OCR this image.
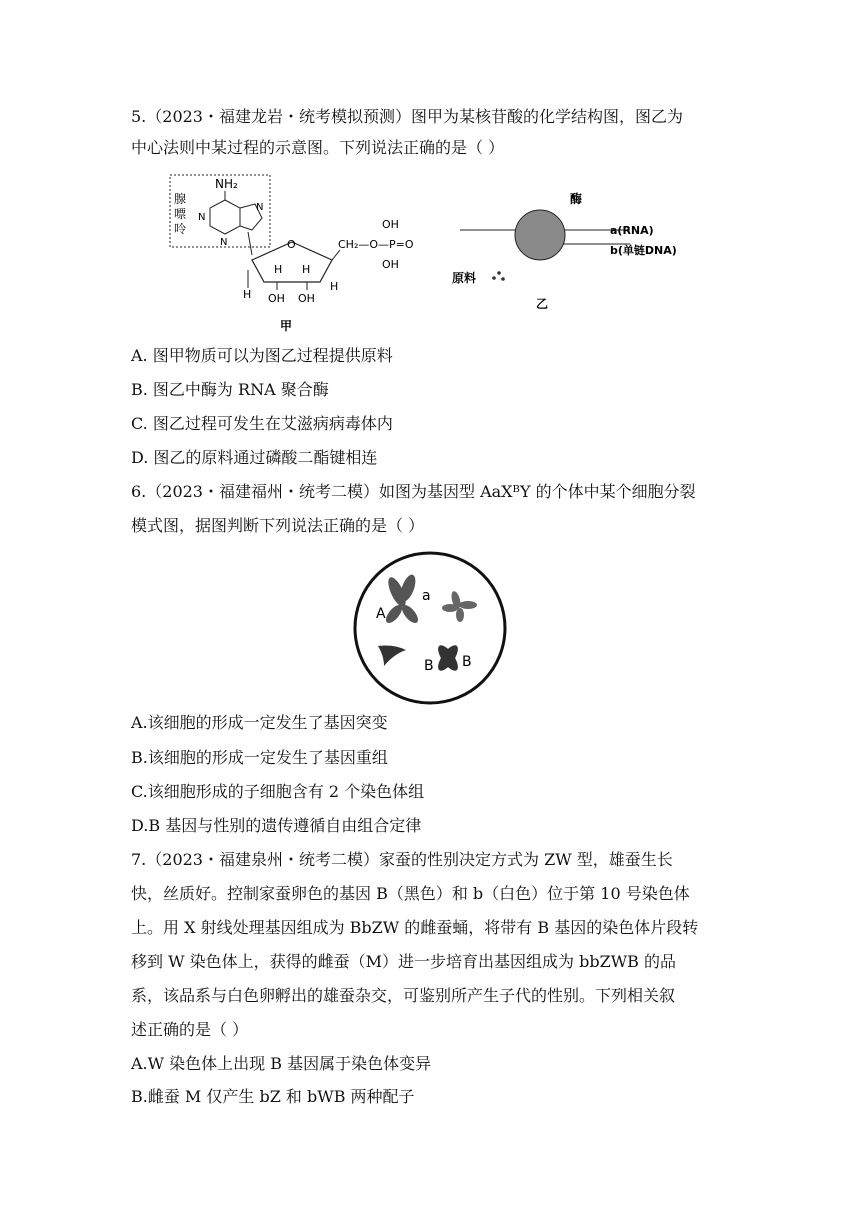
5.（2023・福建龙岩・统考模拟预测）图甲为某核苷酸的化学结构图，图乙为
中心法则中某过程的示意图。下列说法正确的是（ ）
腺
嘌
呤
NH₂
N
N
N	O
H
H H
H
OH OH
CH₂—O—P=O
OH
OH
甲
酶
a(RNA)
b(单链DNA)
原料
乙
A. 图甲物质可以为图乙过程提供原料
B. 图乙中酶为 RNA 聚合酶
C. 图乙过程可发生在艾滋病病毒体内
D. 图乙的原料通过磷酸二酯键相连
6.（2023・福建福州・统考二模）如图为基因型 AaXᴮY 的个体中某个细胞分裂
模式图，据图判断下列说法正确的是（ ）
A
a
B B
A.该细胞的形成一定发生了基因突变
B.该细胞的形成一定发生了基因重组
C.该细胞形成的子细胞含有 2 个染色体组
D.B 基因与性别的遗传遵循自由组合定律
7.（2023・福建泉州・统考二模）家蚕的性别决定方式为 ZW 型，雄蚕生长
快，丝质好。控制家蚕卵色的基因 B（黑色）和 b（白色）位于第 10 号染色体
上。用 X 射线处理基因组成为 BbZW 的雌蚕蛹，将带有 B 基因的染色体片段转
移到 W 染色体上，获得的雌蚕（M）进一步培育出基因组成为 bbZWB 的品
系，该品系与白色卵孵出的雄蚕杂交，可鉴别所产生子代的性别。下列相关叙
述正确的是（ ）
A.W 染色体上出现 B 基因属于染色体变异
B.雌蚕 M 仅产生 bZ 和 bWB 两种配子
